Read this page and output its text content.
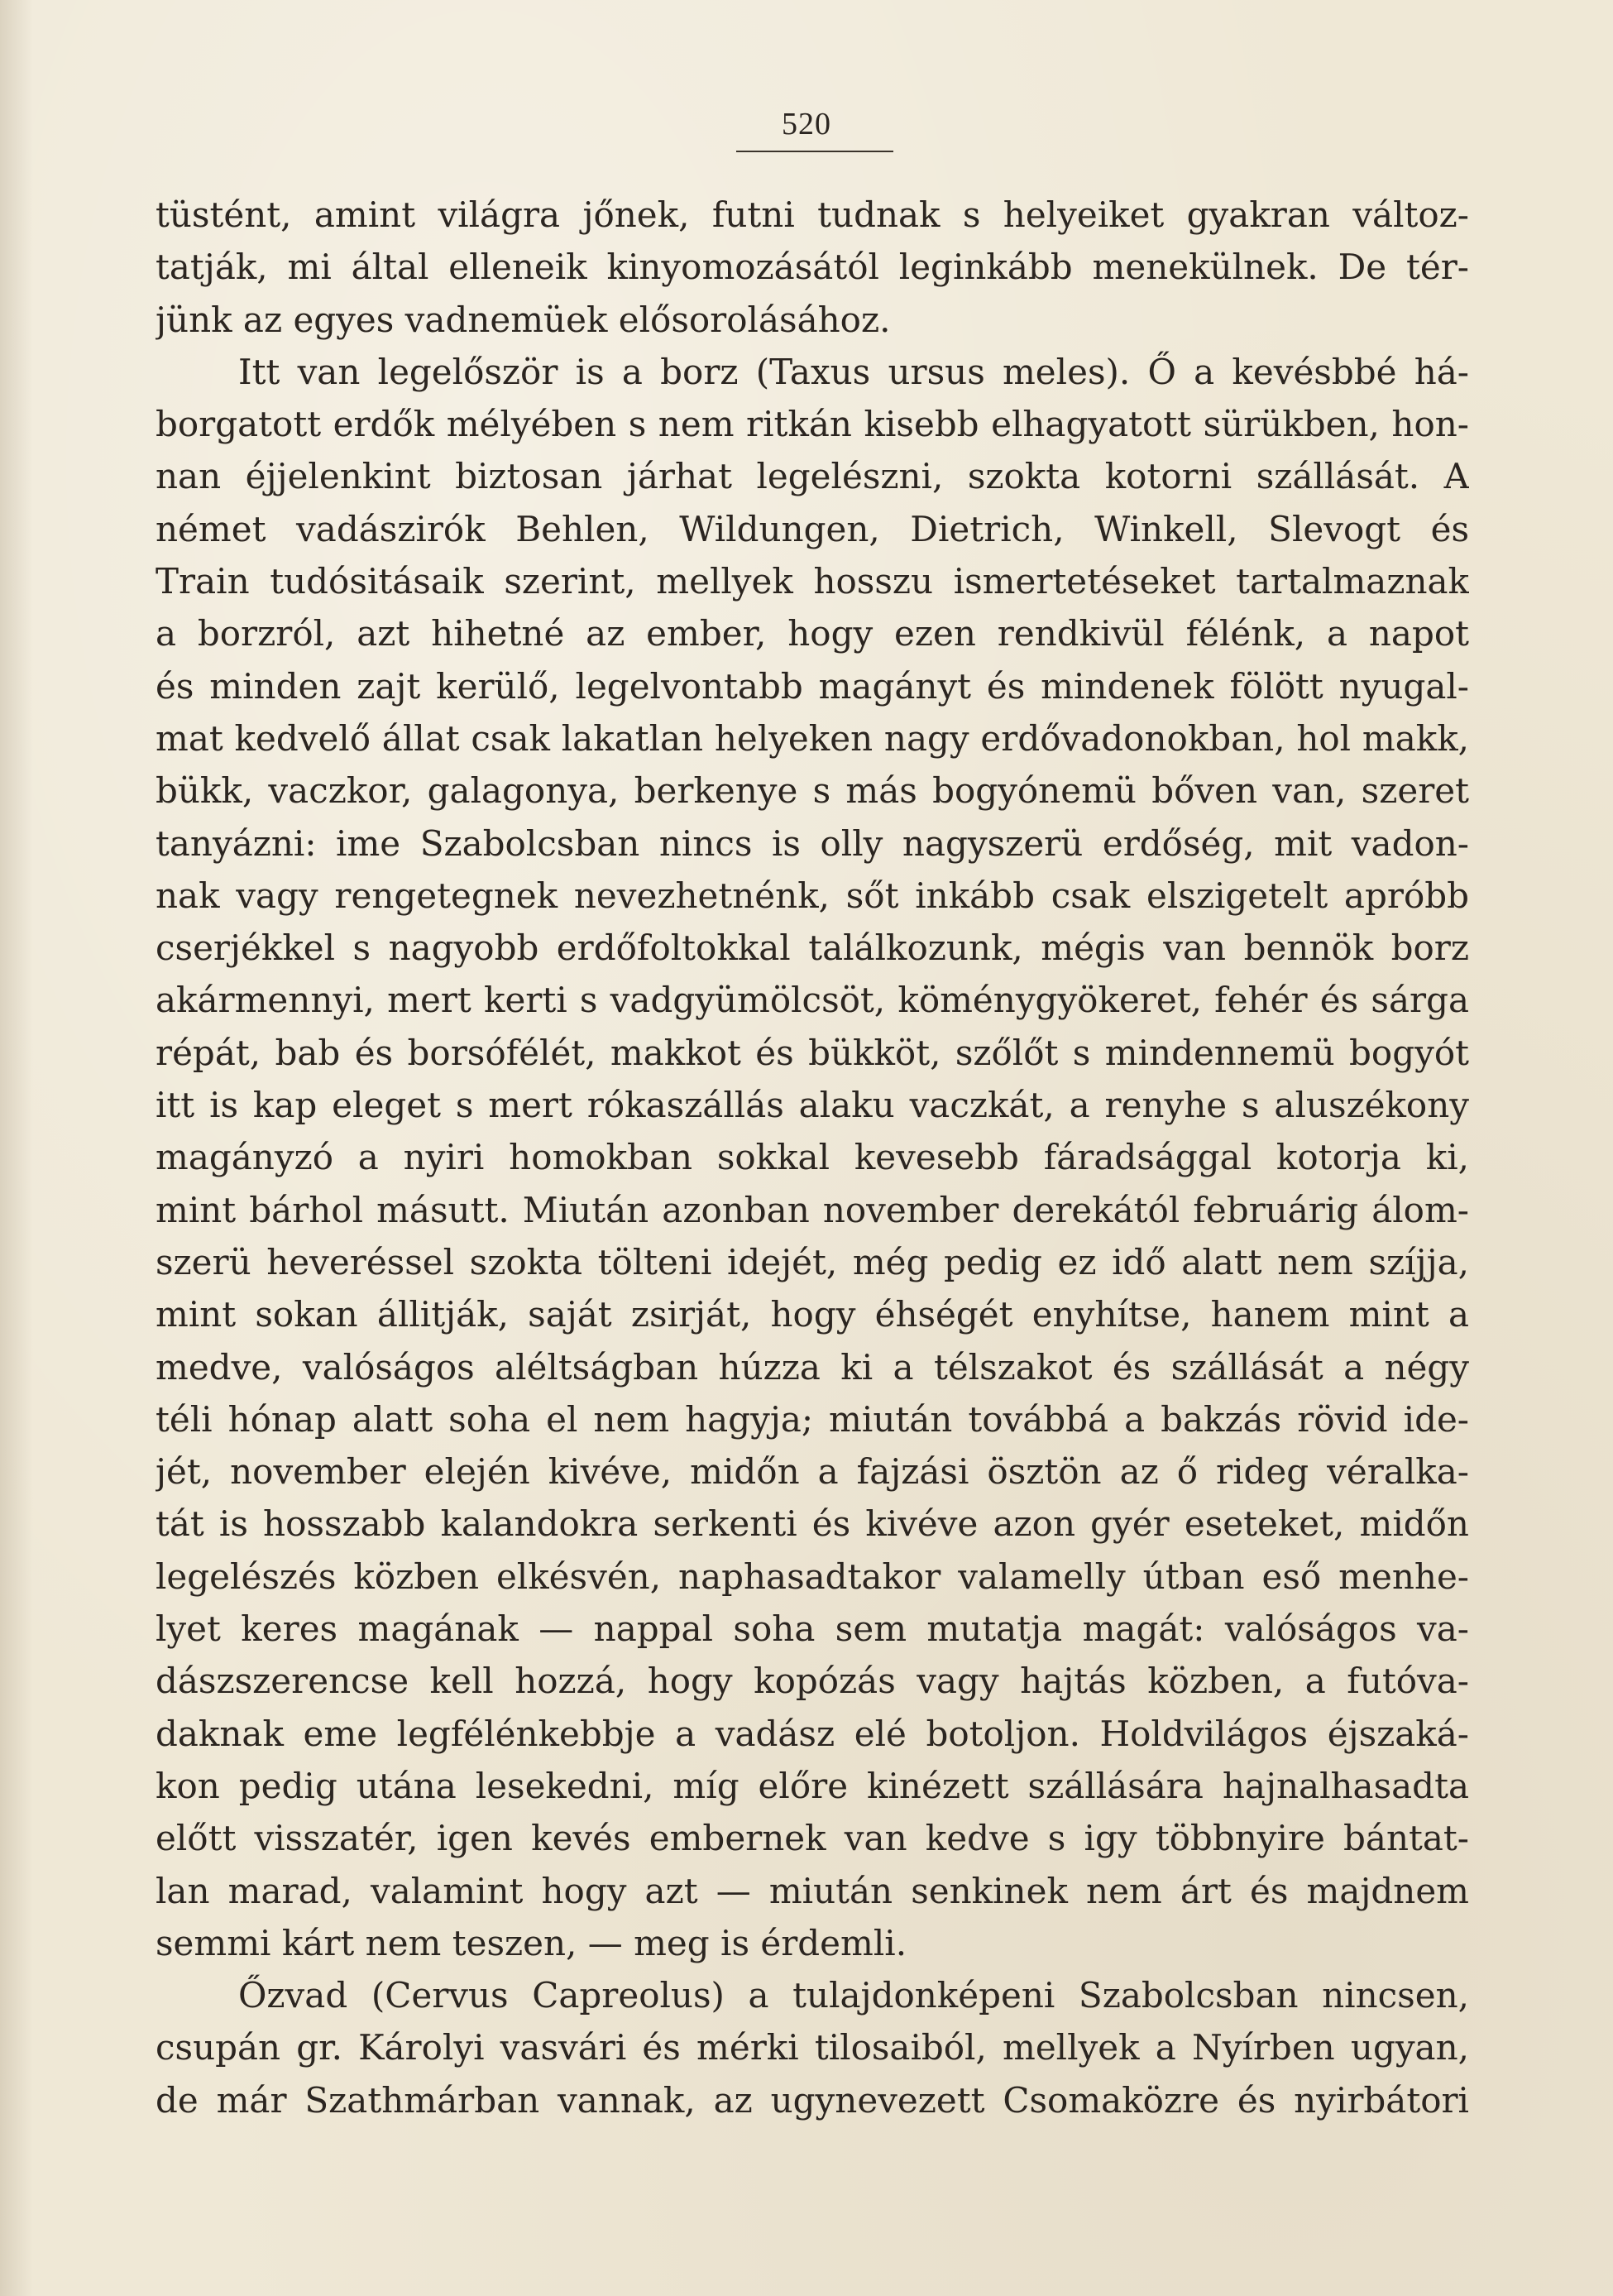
520
tüstént, amint világra jőnek, futni tudnak s helyeiket gyakran változ-
tatják, mi által elleneik kinyomozásától leginkább menekülnek. De tér-
jünk az egyes vadnemüek elősorolásához.
Itt van legelőször is a borz (Taxus ursus meles). Ő a kevésbbé há-
borgatott erdők mélyében s nem ritkán kisebb elhagyatott sürükben, hon-
nan éjjelenkint biztosan járhat legelészni, szokta kotorni szállását. A
német vadászirók Behlen, Wildungen, Dietrich, Winkell, Slevogt és
Train tudósitásaik szerint, mellyek hosszu ismertetéseket tartalmaznak
a borzról, azt hihetné az ember, hogy ezen rendkivül félénk, a napot
és minden zajt kerülő, legelvontabb magányt és mindenek fölött nyugal-
mat kedvelő állat csak lakatlan helyeken nagy erdővadonokban, hol makk,
bükk, vaczkor, galagonya, berkenye s más bogyónemü bőven van, szeret
tanyázni: ime Szabolcsban nincs is olly nagyszerü erdőség, mit vadon-
nak vagy rengetegnek nevezhetnénk, sőt inkább csak elszigetelt apróbb
cserjékkel s nagyobb erdőfoltokkal találkozunk, mégis van bennök borz
akármennyi, mert kerti s vadgyümölcsöt, köménygyökeret, fehér és sárga
répát, bab és borsófélét, makkot és bükköt, szőlőt s mindennemü bogyót
itt is kap eleget s mert rókaszállás alaku vaczkát, a renyhe s aluszékony
magányzó a nyiri homokban sokkal kevesebb fáradsággal kotorja ki,
mint bárhol másutt. Miután azonban november derekától februárig álom-
szerü heveréssel szokta tölteni idejét, még pedig ez idő alatt nem szíjja,
mint sokan állitják, saját zsirját, hogy éhségét enyhítse, hanem mint a
medve, valóságos aléltságban húzza ki a télszakot és szállását a négy
téli hónap alatt soha el nem hagyja; miután továbbá a bakzás rövid ide-
jét, november elején kivéve, midőn a fajzási ösztön az ő rideg véralka-
tát is hosszabb kalandokra serkenti és kivéve azon gyér eseteket, midőn
legelészés közben elkésvén, naphasadtakor valamelly útban eső menhe-
lyet keres magának — nappal soha sem mutatja magát: valóságos va-
dászszerencse kell hozzá, hogy kopózás vagy hajtás közben, a futóva-
daknak eme legfélénkebbje a vadász elé botoljon. Holdvilágos éjszaká-
kon pedig utána lesekedni, míg előre kinézett szállására hajnalhasadta
előtt visszatér, igen kevés embernek van kedve s igy többnyire bántat-
lan marad, valamint hogy azt — miután senkinek nem árt és majdnem
semmi kárt nem teszen, — meg is érdemli.
Őzvad (Cervus Capreolus) a tulajdonképeni Szabolcsban nincsen,
csupán gr. Károlyi vasvári és mérki tilosaiból, mellyek a Nyírben ugyan,
de már Szathmárban vannak, az ugynevezett Csomaközre és nyirbátori
